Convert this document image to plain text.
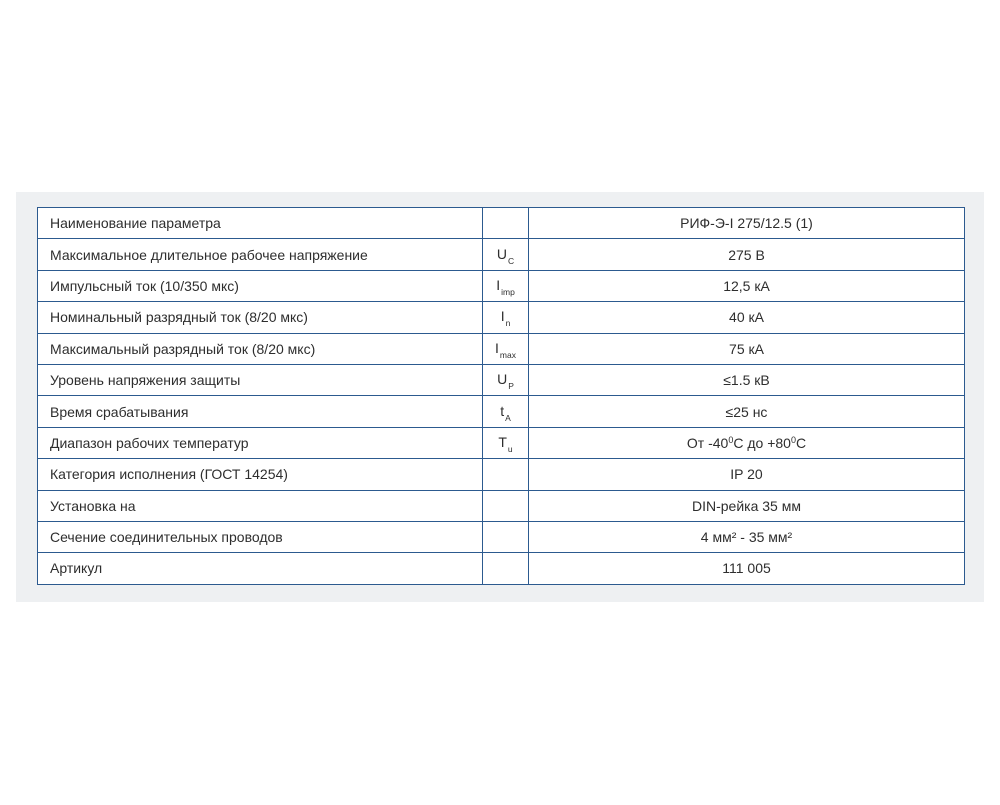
Наименование параметра		РИФ-Э-I 275/12.5 (1)
Максимальное длительное рабочее напряжение	$U_C$	275 В
Импульсный ток (10/350 мкс)	$I_{imp}$	12,5 кА
Номинальный разрядный ток (8/20 мкс)	$I_n$	40 кА
Максимальный разрядный ток (8/20 мкс)	$I_{max}$	75 кА
Уровень напряжения защиты	$U_P$	≤1.5 кВ
Время срабатывания	$t_A$	≤25 нс
Диапазон рабочих температур	$T_u$	От $-40^0С$ до $+80^0С$
Категория исполнения (ГОСТ 14254)		IP 20
Установка на		DIN-рейка 35 мм
Сечение соединительных проводов		4 мм² - 35 мм²
Артикул		111 005
